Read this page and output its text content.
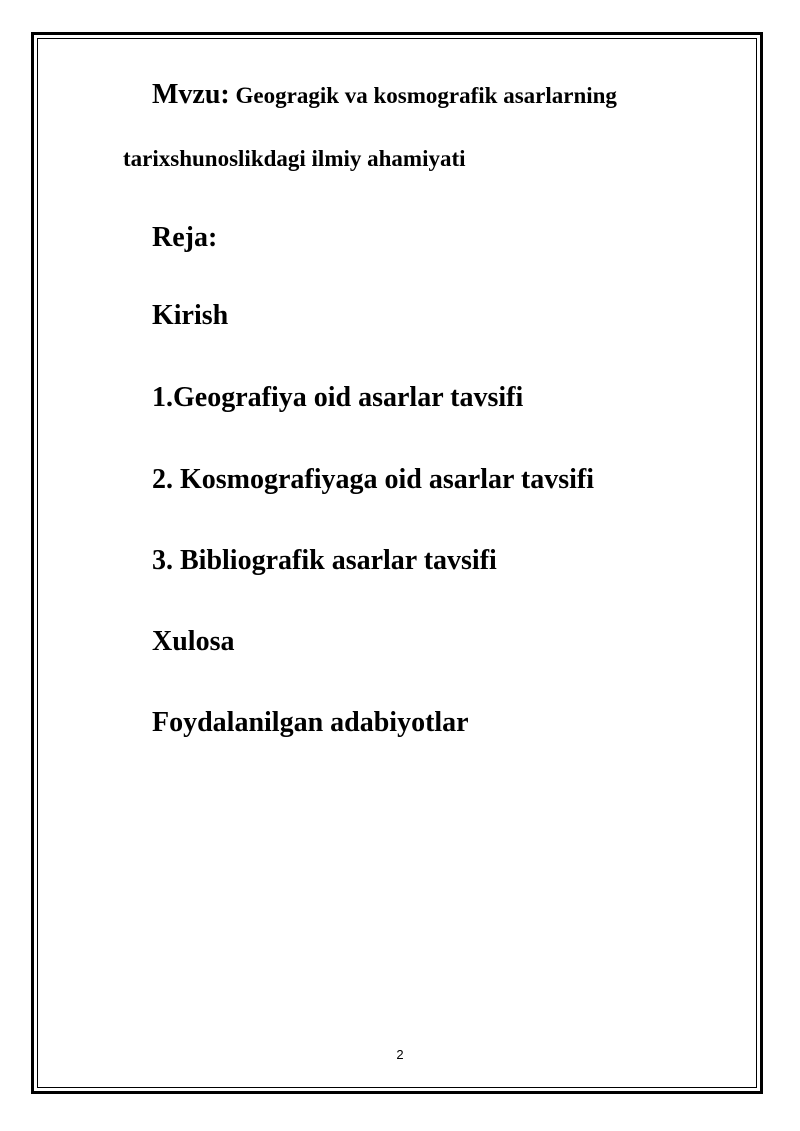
Mvzu: Geogragik va kosmografik asarlarning

tarixshunoslikdagi ilmiy ahamiyati

Reja:

Kirish

1.Geografiya oid asarlar tavsifi

2. Kosmografiyaga oid asarlar tavsifi

3. Bibliografik asarlar tavsifi

Xulosa

Foydalanilgan adabiyotlar

2
